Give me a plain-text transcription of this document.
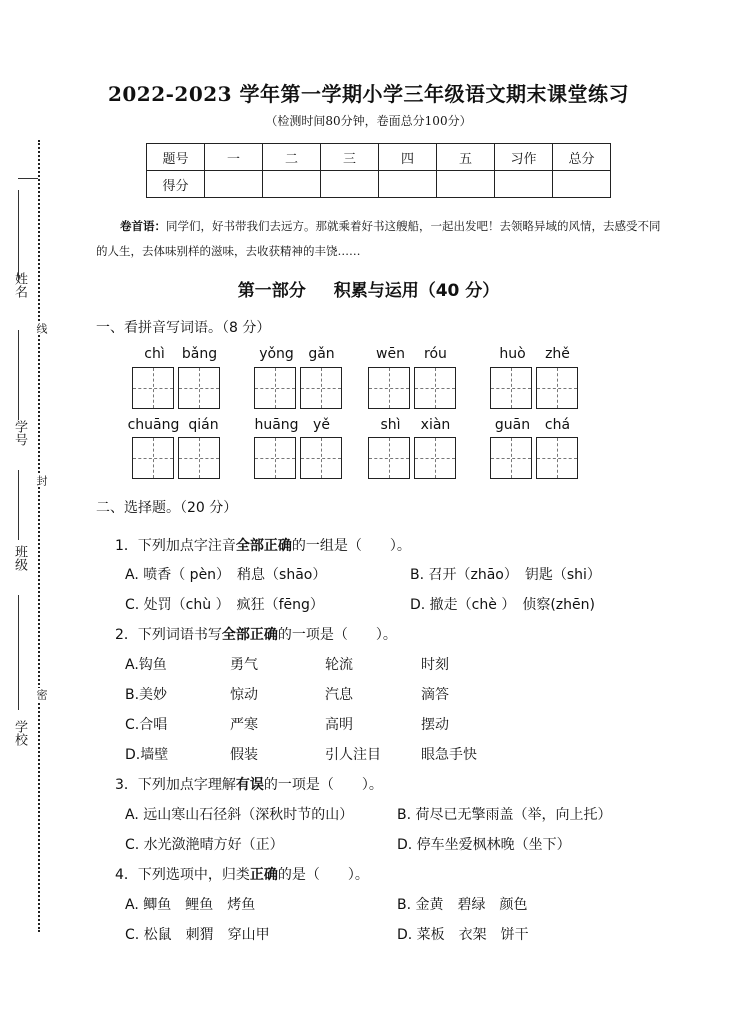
姓名
学号
班级
学校
线
封
密
2022-2023 学年第一学期小学三年级语文期末课堂练习
（检测时间80分钟，卷面总分100分）
题号	一	二	三	四	五	习作	总分
得分							
卷首语：同学们，好书带我们去远方。那就乘着好书这艘船，一起出发吧！去领略异域的风情，去感受不同的人生，去体味别样的滋味，去收获精神的丰饶……
第一部分 积累与运用（40 分）
一、看拼音写词语。（8 分）
chì bǎng	yǒng gǎn	wēn róu	huò zhě
chuāng qián	huāng yě	shì xiàn	guān chá
二、选择题。（20 分）
1．下列加点字注音全部正确的一组是（　　）。
A. 喷香（ pèn）　稍息（shāo）	B. 召开（zhāo）　钥匙（shi）
C. 处罚（chù ）　疯狂（fēng）	D. 撤走（chè ）　侦察(zhēn)
2．下列词语书写全部正确的一项是（　　）。
A.钩鱼	勇气	轮流	时刻
B.美妙	惊动	汽息	滴答
C.合唱	严寒	高明	摆动
D.墙壁	假装	引人注目	眼急手快
3．下列加点字理解有误的一项是（　　）。
A. 远山寒山石径斜（深秋时节的山）	B. 荷尽已无擎雨盖（举，向上托）
C. 水光潋滟晴方好（正）	D. 停车坐爱枫林晚（坐下）
4．下列选项中，归类正确的是（　　）。
A. 鲫鱼　鲤鱼　烤鱼	B. 金黄　碧绿　颜色
C. 松鼠　刺猬　穿山甲	D. 菜板　衣架　饼干
